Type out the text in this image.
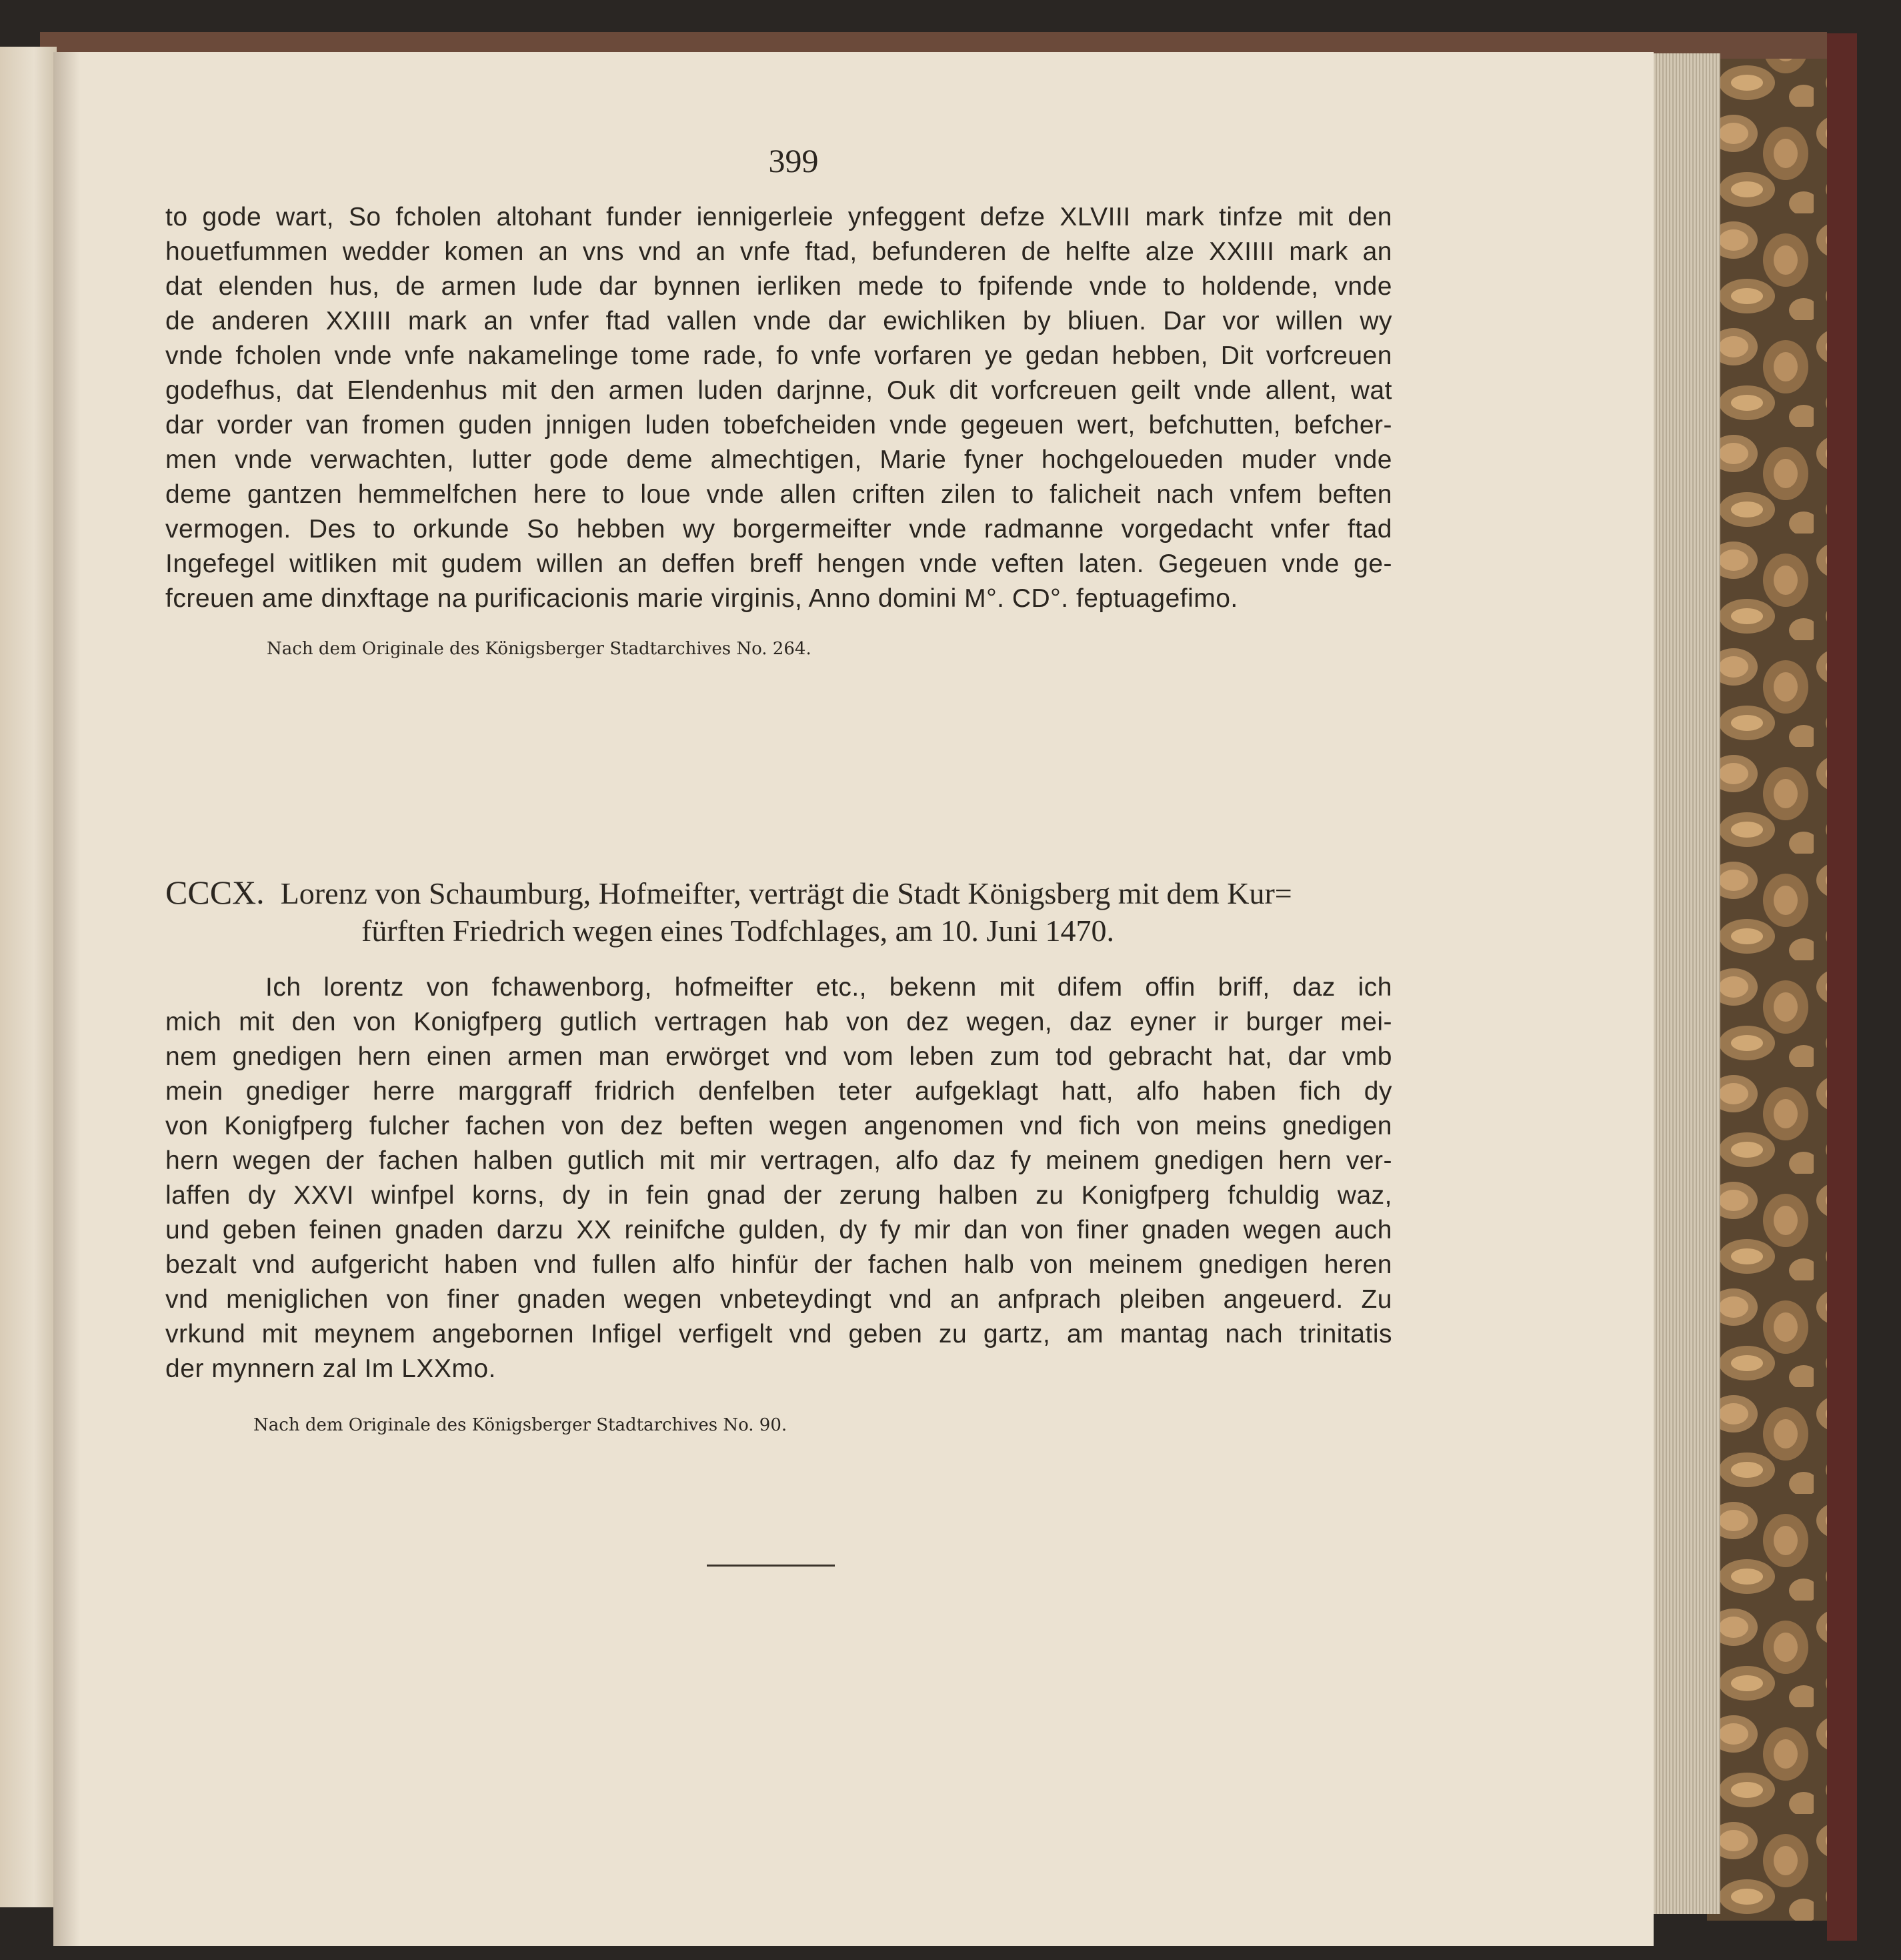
399
to gode wart, So fcholen altohant funder iennigerleie ynfeggent defze XLVIII mark tinfze mit den
houetfummen wedder komen an vns vnd an vnfe ftad, befunderen de helfte alze XXIIII mark an
dat elenden hus, de armen lude dar bynnen ierliken mede to fpifende vnde to holdende, vnde
de anderen XXIIII mark an vnfer ftad vallen vnde dar ewichliken by bliuen. Dar vor willen wy
vnde fcholen vnde vnfe nakamelinge tome rade, fo vnfe vorfaren ye gedan hebben, Dit vorfcreuen
godefhus, dat Elendenhus mit den armen luden darjnne, Ouk dit vorfcreuen geilt vnde allent, wat
dar vorder van fromen guden jnnigen luden tobefcheiden vnde gegeuen wert, befchutten, befcher-
men vnde verwachten, lutter gode deme almechtigen, Marie fyner hochgeloueden muder vnde
deme gantzen hemmelfchen here to loue vnde allen criften zilen to falicheit nach vnfem beften
vermogen. Des to orkunde So hebben wy borgermeifter vnde radmanne vorgedacht vnfer ftad
Ingefegel witliken mit gudem willen an deffen breff hengen vnde veften laten. Gegeuen vnde ge-
fcreuen ame dinxftage na purificacionis marie virginis, Anno domini M°. CD°. feptuagefimo.
Nach dem Originale des Königsberger Stadtarchives No. 264.
CCCX. Lorenz von Schaumburg, Hofmeifter, verträgt die Stadt Königsberg mit dem Kur=
fürften Friedrich wegen eines Todfchlages, am 10. Juni 1470.
Ich lorentz von fchawenborg, hofmeifter etc., bekenn mit difem offin briff, daz ich
mich mit den von Konigfperg gutlich vertragen hab von dez wegen, daz eyner ir burger mei-
nem gnedigen hern einen armen man erwörget vnd vom leben zum tod gebracht hat, dar vmb
mein gnediger herre marggraff fridrich denfelben teter aufgeklagt hatt, alfo haben fich dy
von Konigfperg fulcher fachen von dez beften wegen angenomen vnd fich von meins gnedigen
hern wegen der fachen halben gutlich mit mir vertragen, alfo daz fy meinem gnedigen hern ver-
laffen dy XXVI winfpel korns, dy in fein gnad der zerung halben zu Konigfperg fchuldig waz,
und geben feinen gnaden darzu XX reinifche gulden, dy fy mir dan von finer gnaden wegen auch
bezalt vnd aufgericht haben vnd fullen alfo hinfür der fachen halb von meinem gnedigen heren
vnd meniglichen von finer gnaden wegen vnbeteydingt vnd an anfprach pleiben angeuerd. Zu
vrkund mit meynem angebornen Infigel verfigelt vnd geben zu gartz, am mantag nach trinitatis
der mynnern zal Im LXXmo.
Nach dem Originale des Königsberger Stadtarchives No. 90.
